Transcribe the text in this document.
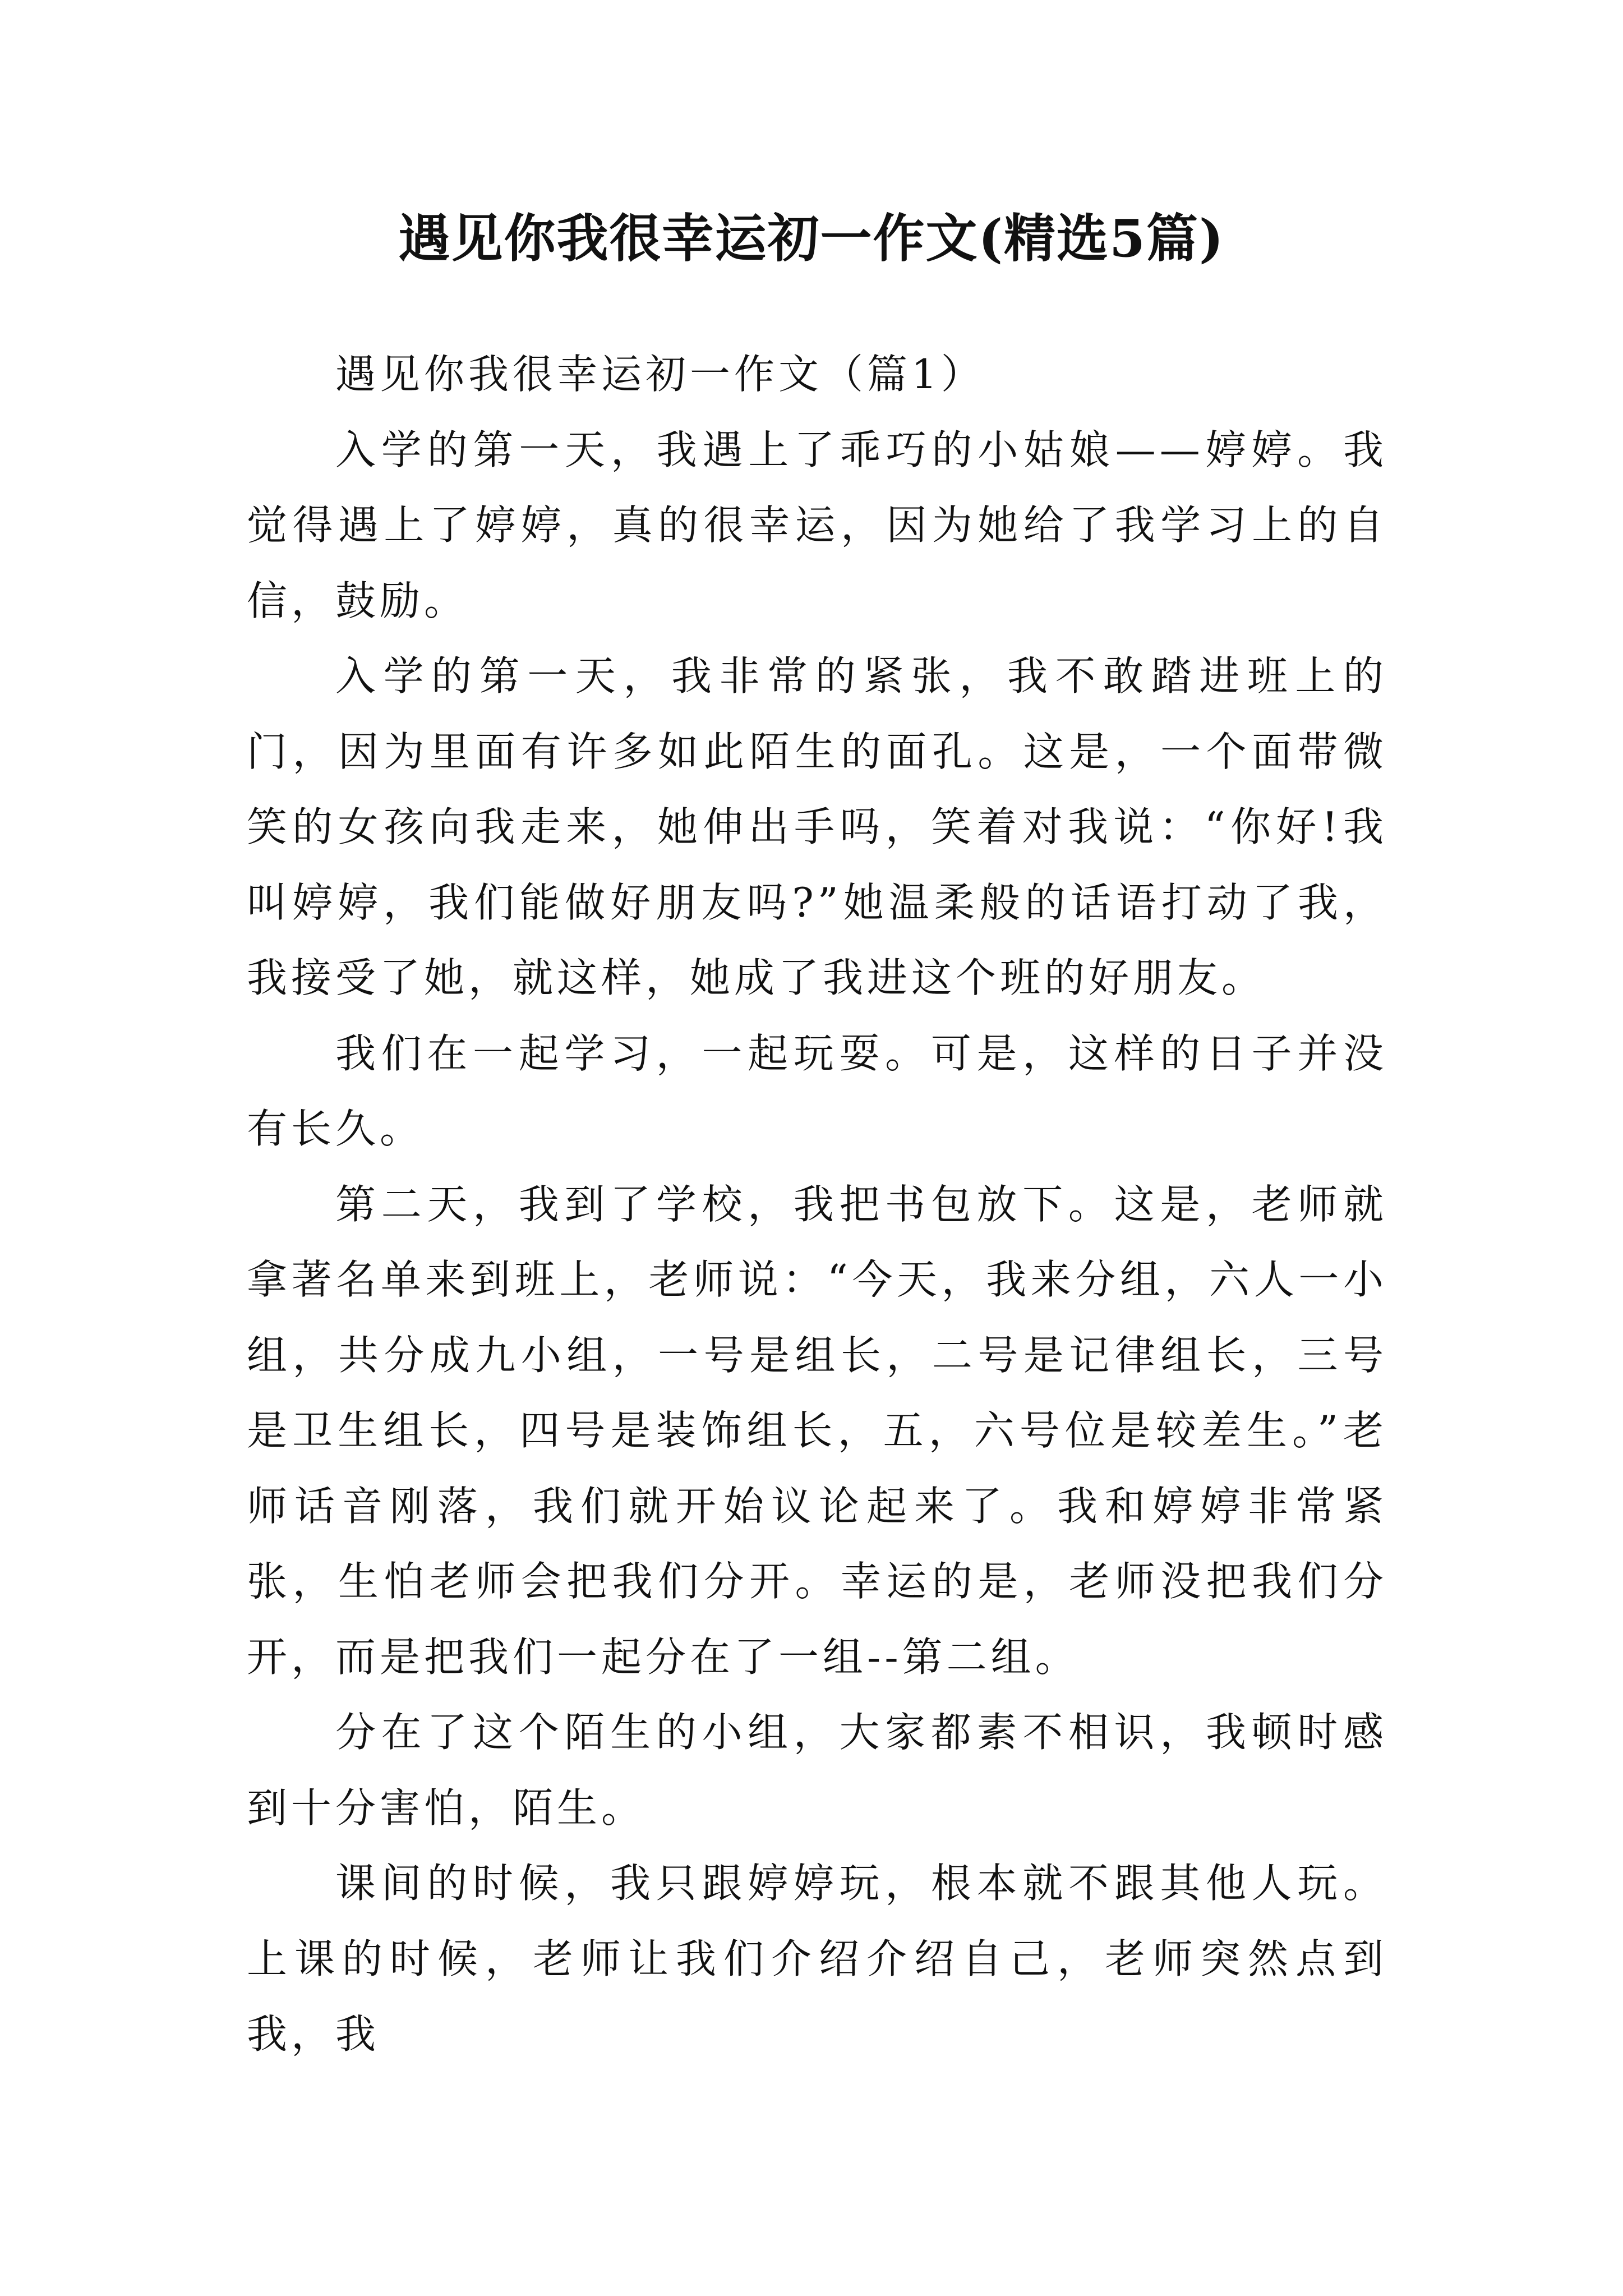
遇见你我很幸运初一作文(精选5篇)

遇见你我很幸运初一作文（篇1）

入学的第一天，我遇上了乖巧的小姑娘——婷婷。我觉得遇上了婷婷，真的很幸运，因为她给了我学习上的自信，鼓励。

入学的第一天，我非常的紧张，我不敢踏进班上的门，因为里面有许多如此陌生的面孔。这是，一个面带微笑的女孩向我走来，她伸出手吗，笑着对我说：“你好!我叫婷婷，我们能做好朋友吗?”她温柔般的话语打动了我，我接受了她，就这样，她成了我进这个班的好朋友。

我们在一起学习，一起玩耍。可是，这样的日子并没有长久。

第二天，我到了学校，我把书包放下。这是，老师就拿著名单来到班上，老师说：“今天，我来分组，六人一小组，共分成九小组，一号是组长，二号是记律组长，三号是卫生组长，四号是装饰组长，五，六号位是较差生。”老师话音刚落，我们就开始议论起来了。我和婷婷非常紧张，生怕老师会把我们分开。幸运的是，老师没把我们分开，而是把我们一起分在了一组--第二组。

分在了这个陌生的小组，大家都素不相识，我顿时感到十分害怕，陌生。

课间的时候，我只跟婷婷玩，根本就不跟其他人玩。上课的时候，老师让我们介绍介绍自己，老师突然点到我，我
